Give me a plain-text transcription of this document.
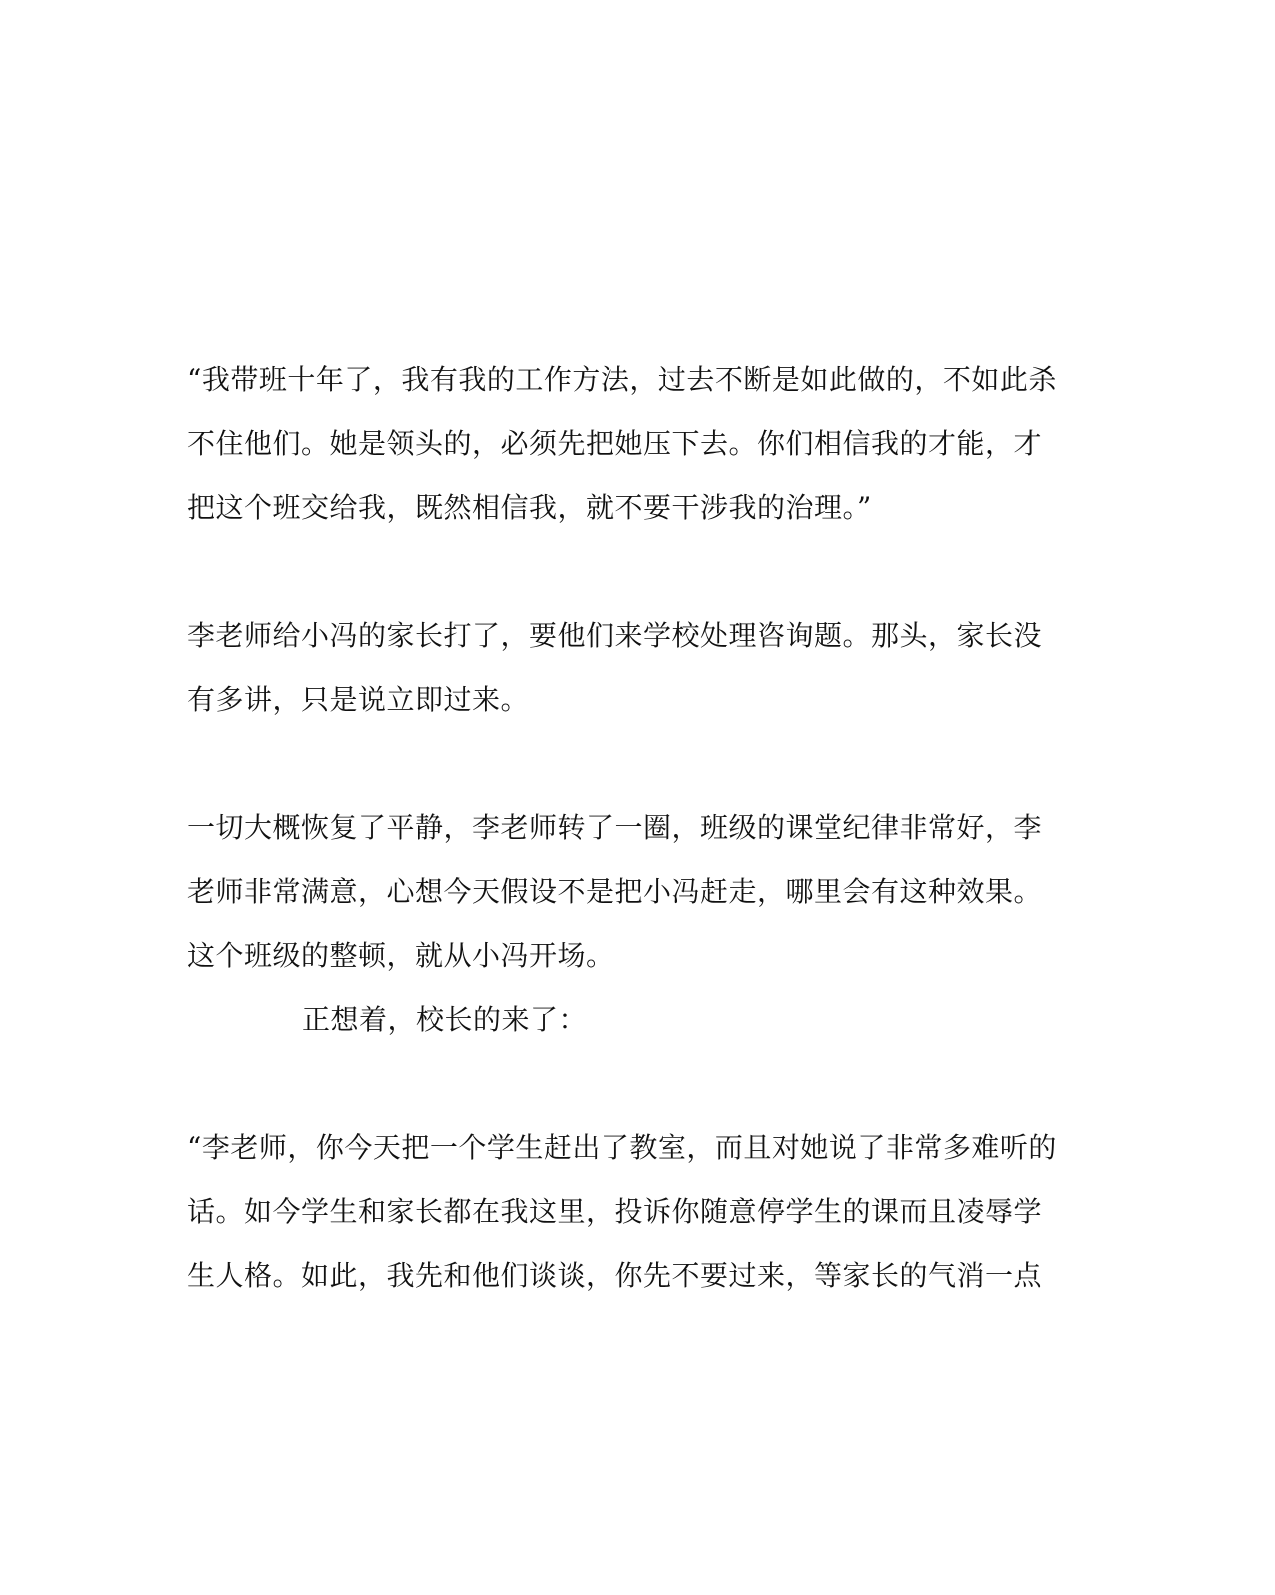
“我带班十年了，我有我的工作方法，过去不断是如此做的，不如此杀
不住他们。她是领头的，必须先把她压下去。你们相信我的才能，才
把这个班交给我，既然相信我，就不要干涉我的治理。”
李老师给小冯的家长打了，要他们来学校处理咨询题。那头，家长没
有多讲，只是说立即过来。
一切大概恢复了平静，李老师转了一圈，班级的课堂纪律非常好，李
老师非常满意，心想今天假设不是把小冯赶走，哪里会有这种效果。
这个班级的整顿，就从小冯开场。
正想着，校长的来了：
“李老师，你今天把一个学生赶出了教室，而且对她说了非常多难听的
话。如今学生和家长都在我这里，投诉你随意停学生的课而且凌辱学
生人格。如此，我先和他们谈谈，你先不要过来，等家长的气消一点
